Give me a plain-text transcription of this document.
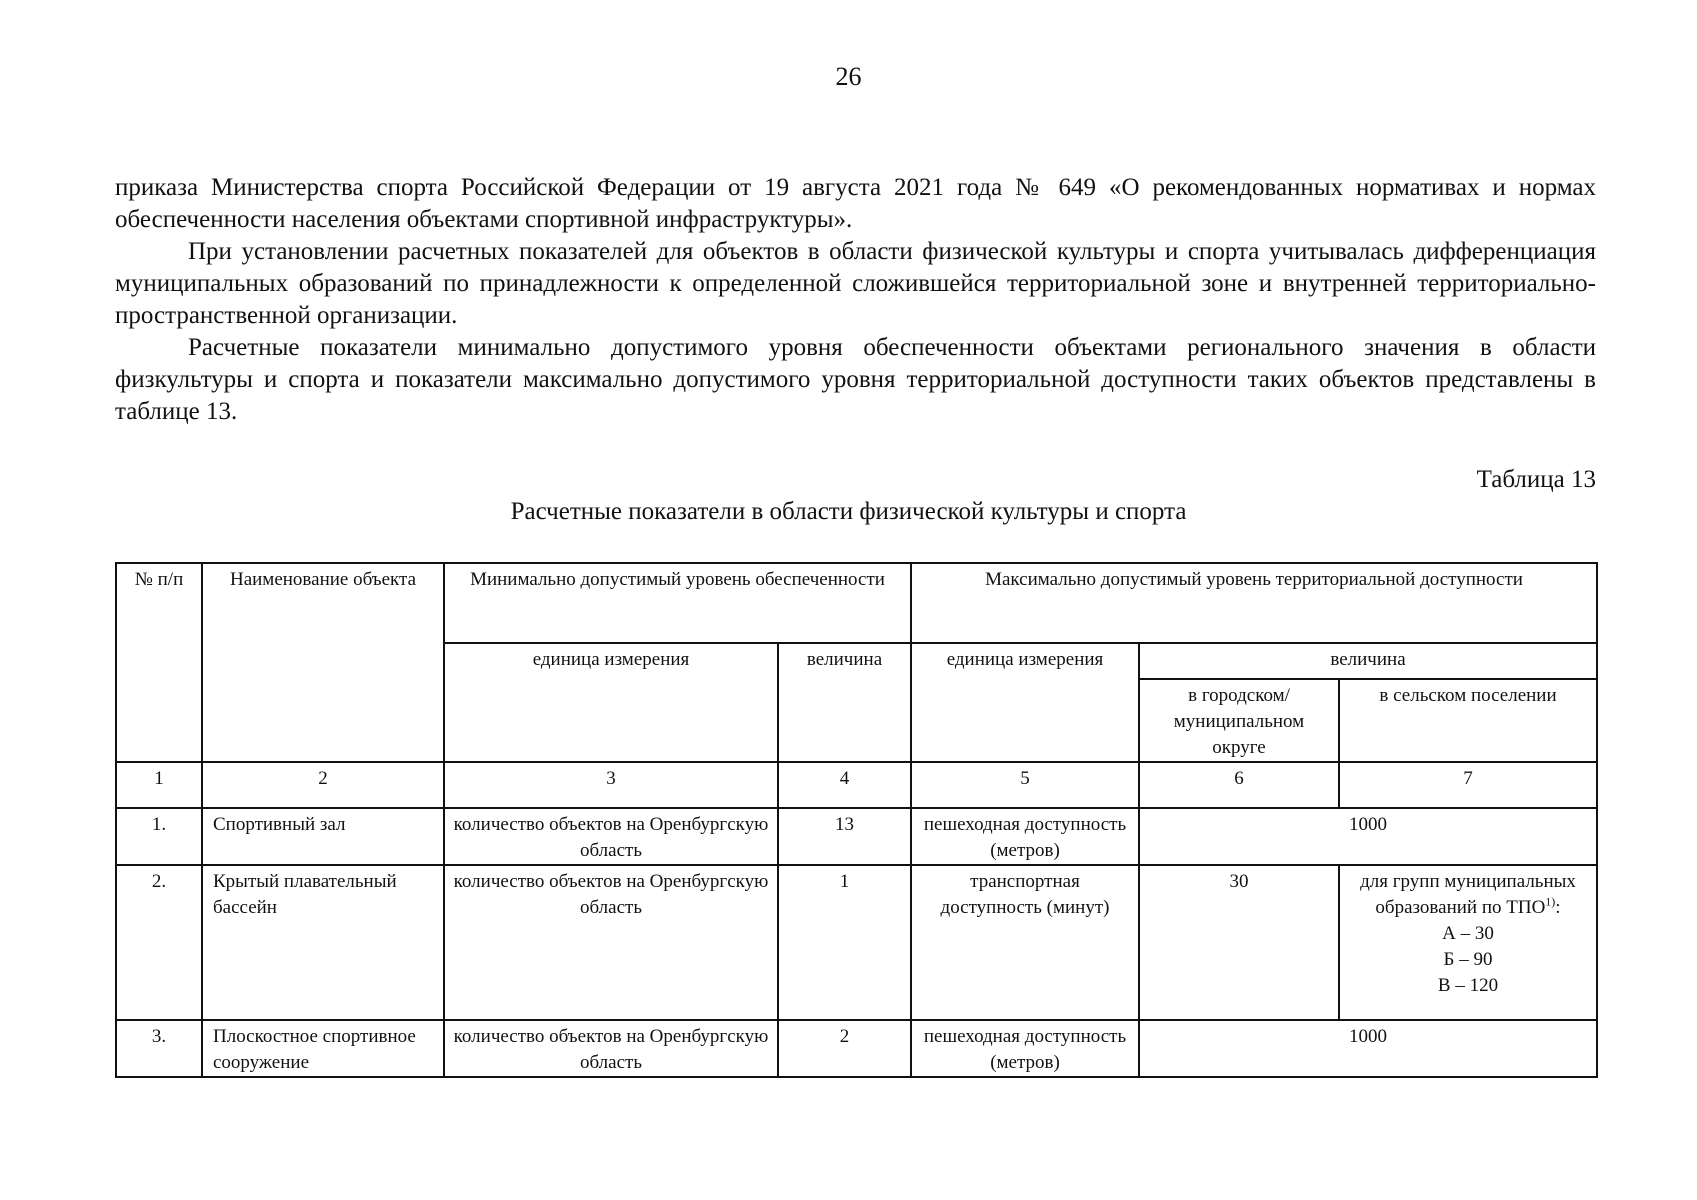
26

приказа Министерства спорта Российской Федерации от 19 августа 2021 года № 649 «О рекомендованных нормативах и нормах обеспеченности населения объектами спортивной инфраструктуры».

При установлении расчетных показателей для объектов в области физической культуры и спорта учитывалась дифференциация муниципальных образований по принадлежности к определенной сложившейся территориальной зоне и внутренней территориально-пространственной организации.

Расчетные показатели минимально допустимого уровня обеспеченности объектами регионального значения в области физкультуры и спорта и показатели максимально допустимого уровня территориальной доступности таких объектов представлены в таблице 13.

Таблица 13
Расчетные показатели в области физической культуры и спорта
№ п/п	Наименование объекта	Минимально допустимый уровень обеспеченности		Максимально допустимый уровень территориальной доступности		
		единица измерения	величина	единица измерения	величина	
					в городском/ муниципальном округе	в сельском поселении
1	2	3	4	5	6	7
1.	Спортивный зал	количество объектов на Оренбургскую область	13	пешеходная доступность (метров)	1000	
2.	Крытый плавательный бассейн	количество объектов на Оренбургскую область	1	транспортная доступность (минут)	30	для групп муниципальных образований по ТПО$^{1)}$:
А – 30
Б – 90
В – 120

3.	Плоскостное спортивное сооружение	количество объектов на Оренбургскую область	2	пешеходная доступность (метров)	1000	
